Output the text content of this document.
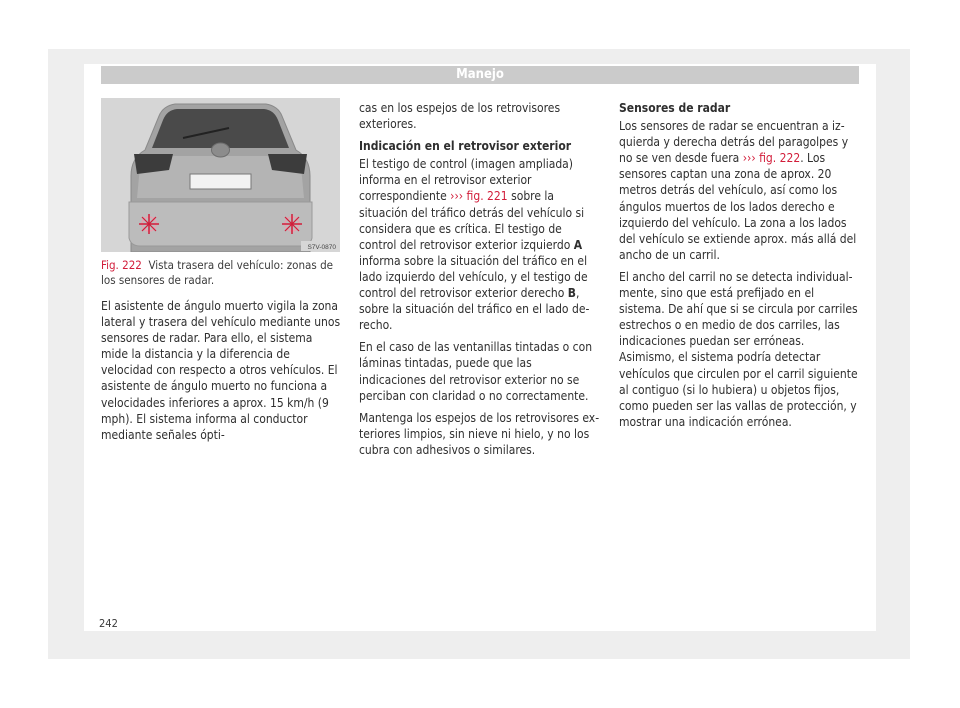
Manejo
S7V-0870
Fig. 222 Vista trasera del vehículo: zonas de los sensores de radar.

El asistente de ángulo muerto vigila la zona lateral y trasera del vehículo mediante unos sensores de radar. Para ello, el sistema mide la distancia y la diferencia de velocidad con respecto a otros vehículos. El asistente de ángulo muerto no funciona a velocidades inferiores a aprox. 15 km/h (9 mph). El sistema informa al conductor mediante señales ópti-

cas en los espejos de los retrovisores exteriores.

Indicación en el retrovisor exterior

El testigo de control (imagen ampliada) informa en el retrovisor exterior correspondiente ››› fig. 221 sobre la situación del tráfico detrás del vehículo si considera que es crítica. El testigo de control del retrovisor exterior izquierdo A informa sobre la situación del tráfico en el lado izquierdo del vehículo, y el testigo de control del retrovisor exterior derecho B, sobre la situación del tráfico en el lado derecho.

En el caso de las ventanillas tintadas o con láminas tintadas, puede que las indicaciones del retrovisor exterior no se perciban con claridad o no correctamente.

Mantenga los espejos de los retrovisores exteriores limpios, sin nieve ni hielo, y no los cubra con adhesivos o similares.

Sensores de radar

Los sensores de radar se encuentran a izquierda y derecha detrás del paragolpes y no se ven desde fuera ››› fig. 222. Los sensores captan una zona de aprox. 20 metros detrás del vehículo, así como los ángulos muertos de los lados derecho e izquierdo del vehículo. La zona a los lados del vehículo se extiende aprox. más allá del ancho de un carril.

El ancho del carril no se detecta individualmente, sino que está prefijado en el sistema. De ahí que si se circula por carriles estrechos o en medio de dos carriles, las indicaciones puedan ser erróneas. Asimismo, el sistema podría detectar vehículos que circulen por el carril siguiente al contiguo (si lo hubiera) u objetos fijos, como pueden ser las vallas de protección, y mostrar una indicación errónea.

242
